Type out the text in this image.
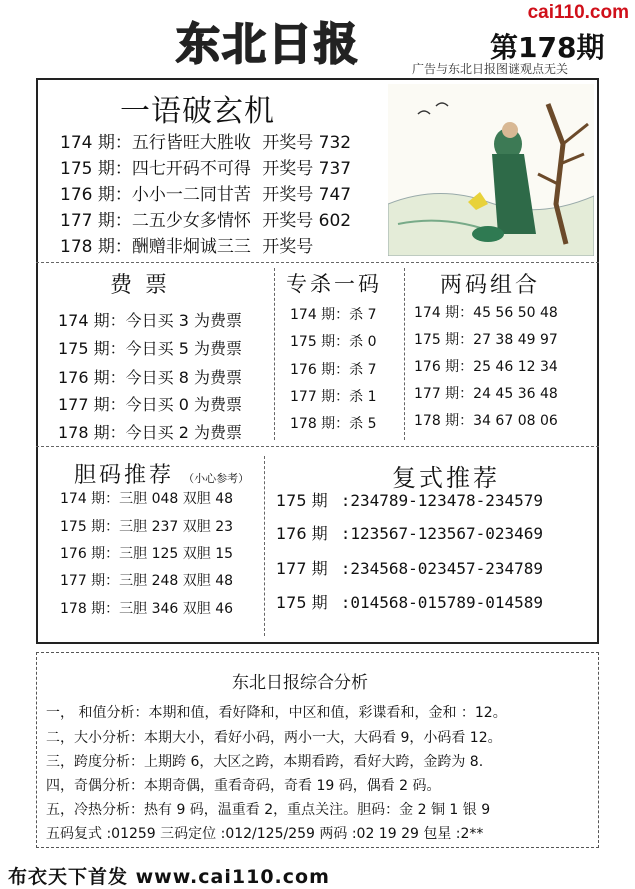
cai110.com
东北日报	第178期
广告与东北日报图谜观点无关
一语破玄机
174 期：五行皆旺大胜收 开奖号 732
175 期：四七开码不可得 开奖号 737
176 期：小小一二同甘苦 开奖号 747
177 期：二五少女多情怀 开奖号 602
178 期：酬赠非炯诚三三 开奖号
费 票
174 期：今日买 3 为费票
175 期：今日买 5 为费票
176 期：今日买 8 为费票
177 期：今日买 0 为费票
178 期：今日买 2 为费票
专杀一码
174 期：杀 7
175 期：杀 0
176 期：杀 7
177 期：杀 1
178 期：杀 5
两码组合
174 期：45 56 50 48
175 期：27 38 49 97
176 期：25 46 12 34
177 期：24 45 36 48
178 期：34 67 08 06
胆码推荐 （小心参考）
174 期：三胆 048 双胆 48
175 期：三胆 237 双胆 23
176 期：三胆 125 双胆 15
177 期：三胆 248 双胆 48
178 期：三胆 346 双胆 46
复式推荐
175 期 :234789-123478-234579
176 期 :123567-123567-023469
177 期 :234568-023457-234789
175 期 :014568-015789-014589
东北日报综合分析
一， 和值分析：本期和值，看好降和，中区和值，彩谍看和，金和 ：12。
二，大小分析：本期大小，看好小码，两小一大，大码看 9，小码看 12。
三，跨度分析：上期跨 6，大区之跨，本期看跨，看好大跨，金跨为 8.
四，奇偶分析：本期奇偶，重看奇码，奇看 19 码，偶看 2 码。
五，冷热分析：热有 9 码，温重看 2，重点关注。胆码：金 2 铜 1 银 9
五码复式 :01259 三码定位 :012/125/259 两码 :02 19 29 包星 :2**
布衣天下首发 www.cai110.com
